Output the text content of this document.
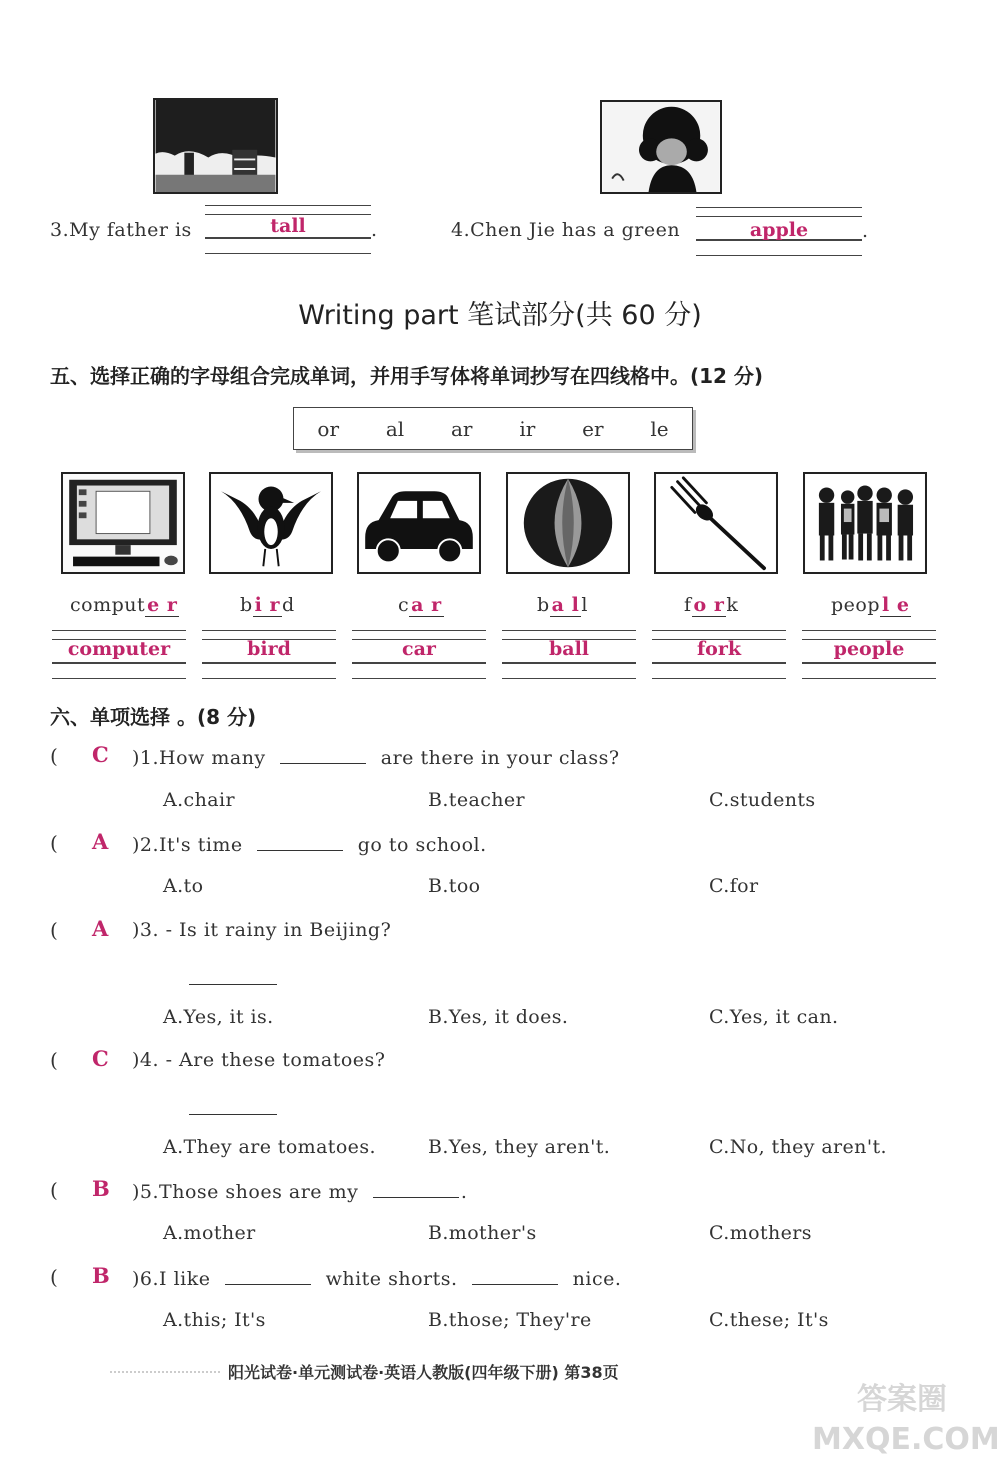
3.My father is	tall	.	4.Chen Jie has a green	apple	.
Writing part 笔试部分(共 60 分)
五、选择正确的字母组合完成单词，并用手写体将单词抄写在四线格中。(12 分)
or al ar ir er le
comput e r	b i r d	c a r	b a l l	f o r k	peop l e
computer	bird	car	ball	fork	people
六、单项选择 。(8 分)
( C )1.How many	are there in your class?
A.chair	B.teacher	C.students
( A )2.It's time	go to school.
A.to	B.too	C.for
( A )3. - Is it rainy in Beijing?
A.Yes, it is.	B.Yes, it does.	C.Yes, it can.
( C )4. - Are these tomatoes?
A.They are tomatoes.	B.Yes, they aren't.	C.No, they aren't.
( B )5.Those shoes are my	.
A.mother	B.mother's	C.mothers
( B )6.I like	white shorts.	nice.
A.this; It's	B.those; They're	C.these; It's
阳光试卷·单元测试卷·英语人教版(四年级下册) 第38页
答案圈 MXQE.COM
